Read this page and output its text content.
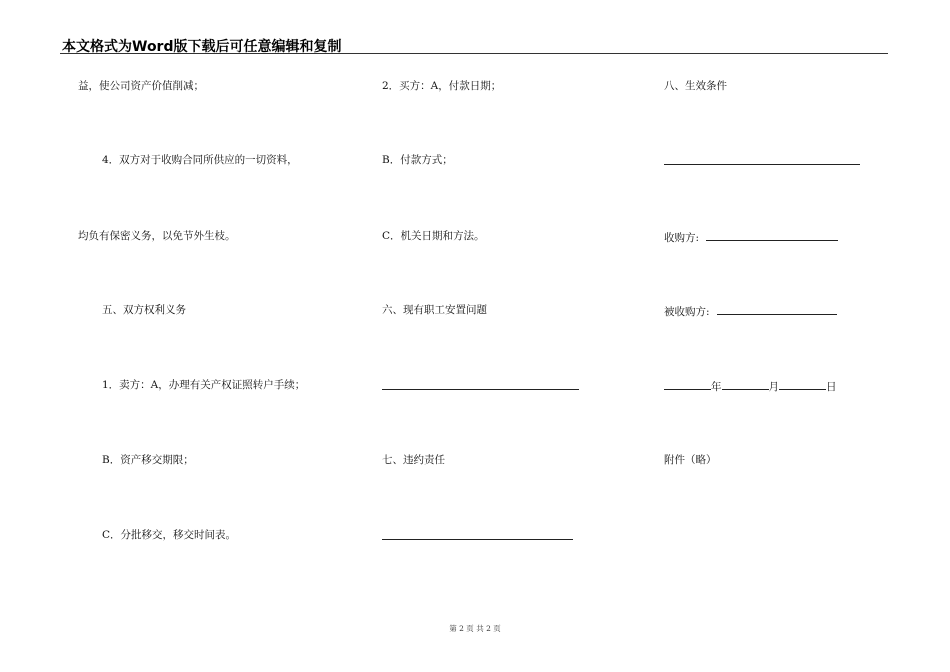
本文格式为Word版下载后可任意编辑和复制
益，使公司资产价值削减；
4．双方对于收购合同所供应的一切资料，
均负有保密义务，以免节外生枝。
五、双方权利义务
1．卖方：A，办理有关产权证照转户手续；
B．资产移交期限；
C．分批移交，移交时间表。
2．买方：A，付款日期；
B．付款方式；
C．机关日期和方法。
六、现有职工安置问题
七、违约责任
八、生效条件
收购方:
被收购方:
年	月	日
附件（略）
第 2 页 共 2 页
